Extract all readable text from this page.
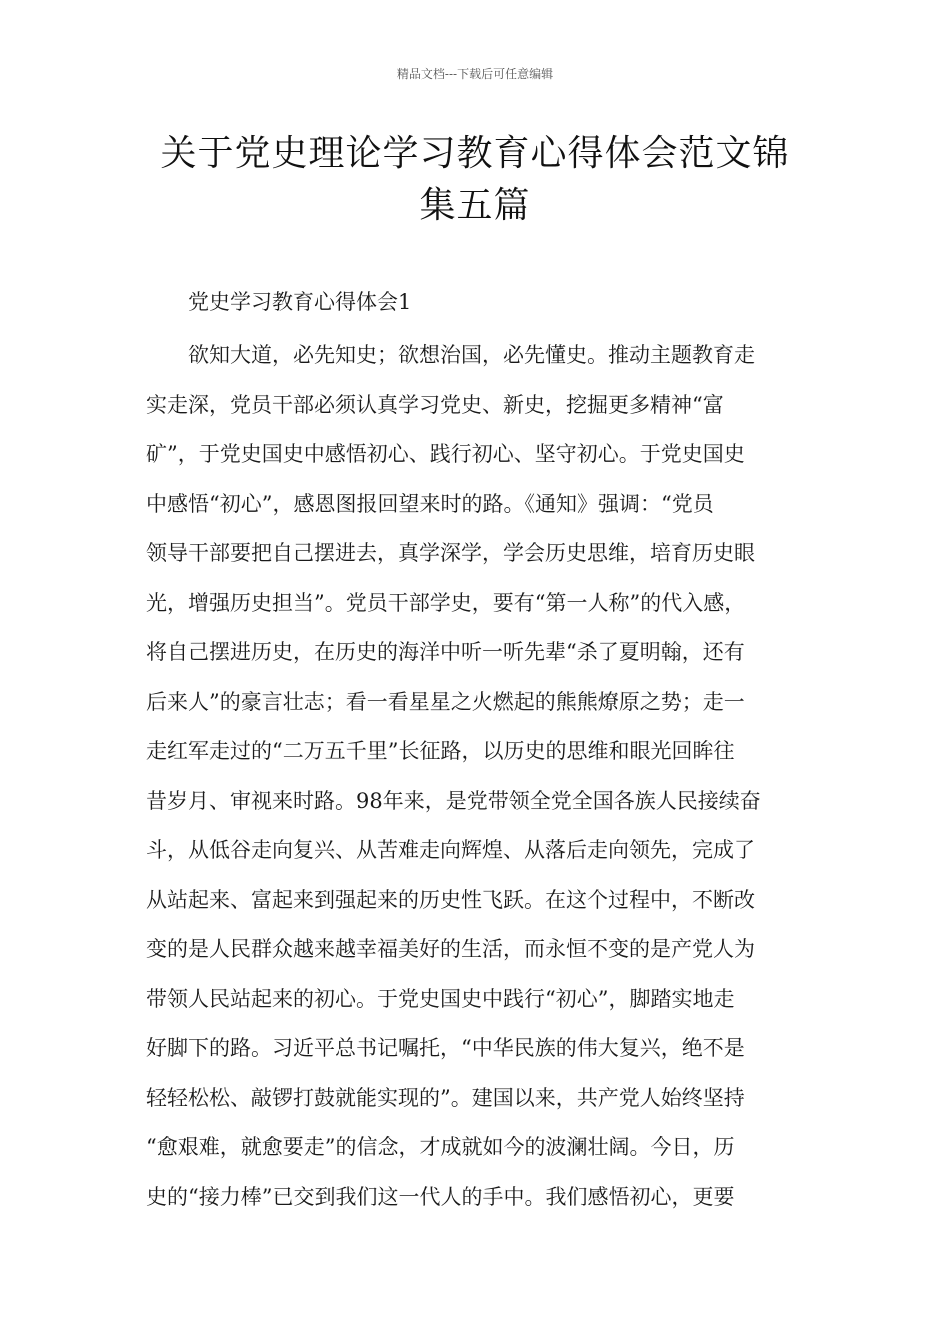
精品文档---下载后可任意编辑
关于党史理论学习教育心得体会范文锦
集五篇
党史学习教育心得体会1
欲知大道，必先知史；欲想治国，必先懂史。推动主题教育走
实走深，党员干部必须认真学习党史、新史，挖掘更多精神“富
矿”，于党史国史中感悟初心、践行初心、坚守初心。于党史国史
中感悟“初心”，感恩图报回望来时的路。《通知》强调：“党员
领导干部要把自己摆进去，真学深学，学会历史思维，培育历史眼
光，增强历史担当”。党员干部学史，要有“第一人称”的代入感，
将自己摆进历史，在历史的海洋中听一听先辈“杀了夏明翰，还有
后来人”的豪言壮志；看一看星星之火燃起的熊熊燎原之势；走一
走红军走过的“二万五千里”长征路，以历史的思维和眼光回眸往
昔岁月、审视来时路。98年来，是党带领全党全国各族人民接续奋
斗，从低谷走向复兴、从苦难走向辉煌、从落后走向领先，完成了
从站起来、富起来到强起来的历史性飞跃。在这个过程中，不断改
变的是人民群众越来越幸福美好的生活，而永恒不变的是产党人为
带领人民站起来的初心。于党史国史中践行“初心”，脚踏实地走
好脚下的路。习近平总书记嘱托，“中华民族的伟大复兴，绝不是
轻轻松松、敲锣打鼓就能实现的”。建国以来，共产党人始终坚持
“愈艰难，就愈要走”的信念，才成就如今的波澜壮阔。今日，历
史的“接力棒”已交到我们这一代人的手中。我们感悟初心，更要
